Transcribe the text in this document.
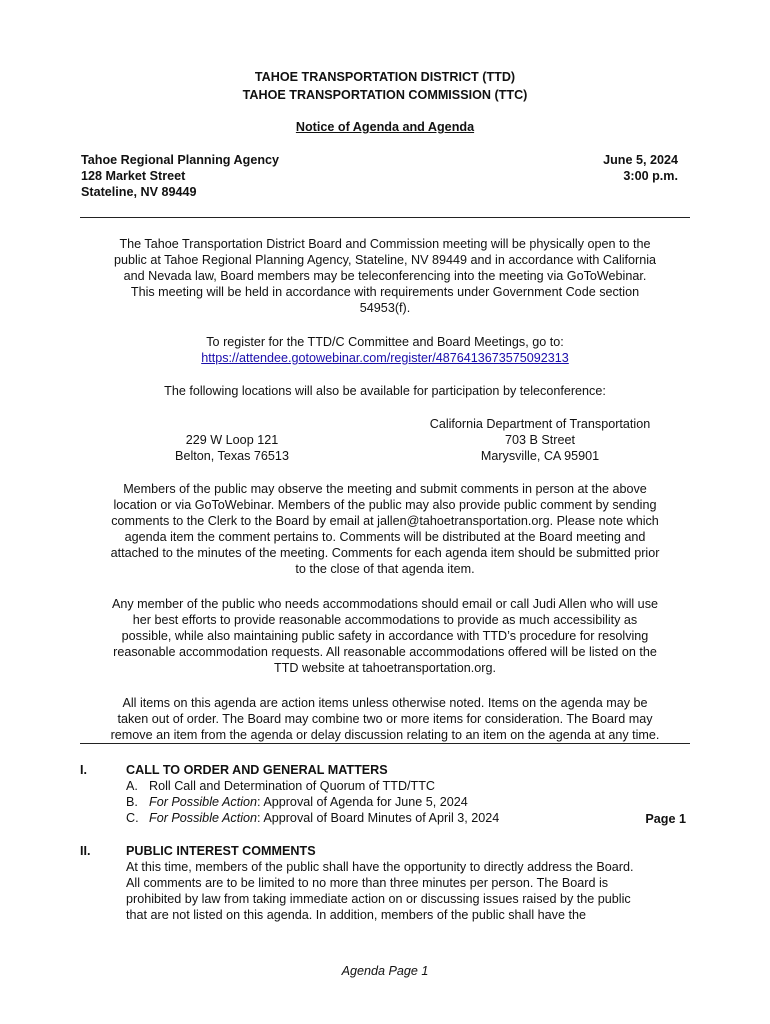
TAHOE TRANSPORTATION DISTRICT (TTD)
TAHOE TRANSPORTATION COMMISSION (TTC)
Notice of Agenda and Agenda
Tahoe Regional Planning Agency
128 Market Street
Stateline, NV 89449
June 5, 2024
3:00 p.m.
The Tahoe Transportation District Board and Commission meeting will be physically open to the
public at Tahoe Regional Planning Agency, Stateline, NV 89449 and in accordance with California
and Nevada law, Board members may be teleconferencing into the meeting via GoToWebinar.
This meeting will be held in accordance with requirements under Government Code section
54953(f).
To register for the TTD/C Committee and Board Meetings, go to:
https://attendee.gotowebinar.com/register/4876413673575092313
The following locations will also be available for participation by teleconference:
229 W Loop 121
Belton, Texas 76513
California Department of Transportation
703 B Street
Marysville, CA 95901
Members of the public may observe the meeting and submit comments in person at the above
location or via GoToWebinar. Members of the public may also provide public comment by sending
comments to the Clerk to the Board by email at jallen@tahoetransportation.org. Please note which
agenda item the comment pertains to. Comments will be distributed at the Board meeting and
attached to the minutes of the meeting. Comments for each agenda item should be submitted prior
to the close of that agenda item.
Any member of the public who needs accommodations should email or call Judi Allen who will use
her best efforts to provide reasonable accommodations to provide as much accessibility as
possible, while also maintaining public safety in accordance with TTD’s procedure for resolving
reasonable accommodation requests. All reasonable accommodations offered will be listed on the
TTD website at tahoetransportation.org.
All items on this agenda are action items unless otherwise noted. Items on the agenda may be
taken out of order. The Board may combine two or more items for consideration. The Board may
remove an item from the agenda or delay discussion relating to an item on the agenda at any time.
I.	CALL TO ORDER AND GENERAL MATTERS
A. Roll Call and Determination of Quorum of TTD/TTC
B. For Possible Action: Approval of Agenda for June 5, 2024
C. For Possible Action: Approval of Board Minutes of April 3, 2024	Page 1
II.	PUBLIC INTEREST COMMENTS
At this time, members of the public shall have the opportunity to directly address the Board.
All comments are to be limited to no more than three minutes per person. The Board is
prohibited by law from taking immediate action on or discussing issues raised by the public
that are not listed on this agenda. In addition, members of the public shall have the
Agenda Page 1
